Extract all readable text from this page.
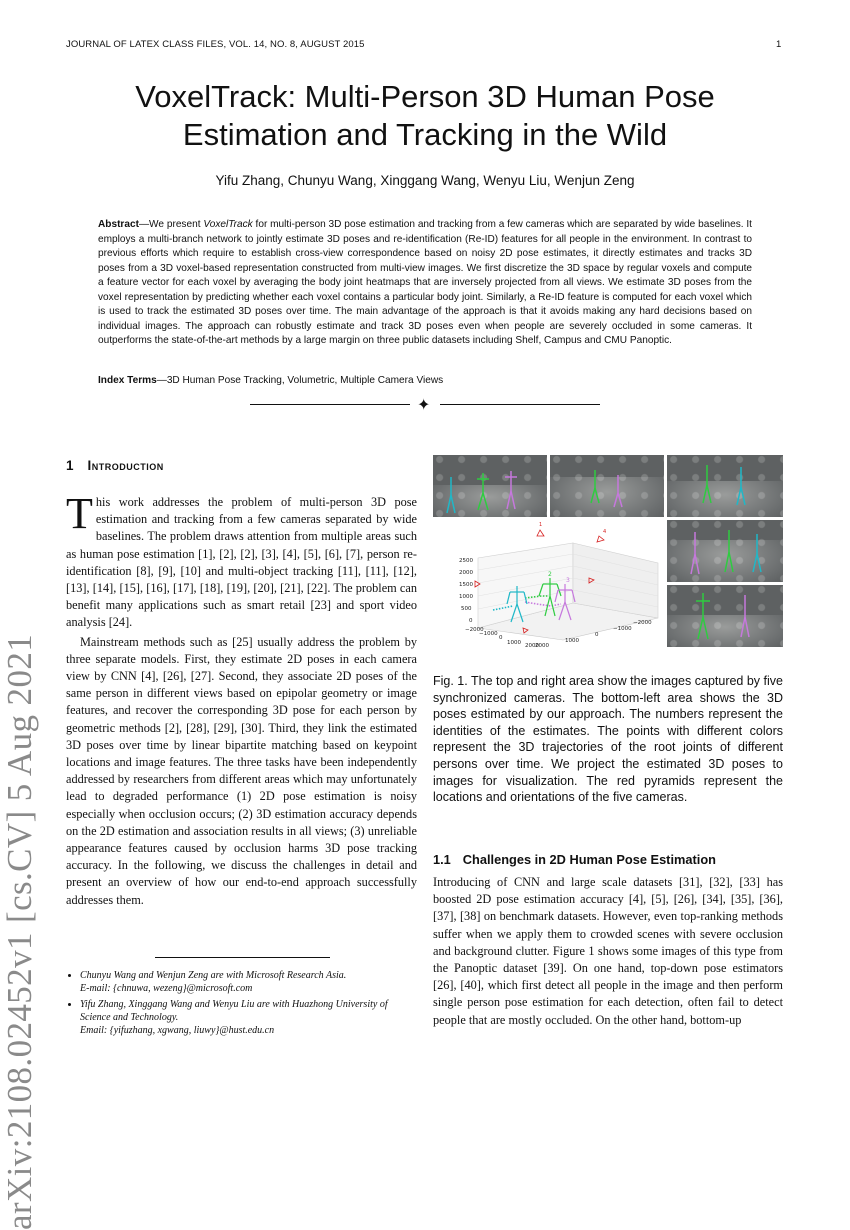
JOURNAL OF LATEX CLASS FILES, VOL. 14, NO. 8, AUGUST 2015	1
arXiv:2108.02452v1 [cs.CV] 5 Aug 2021
VoxelTrack: Multi-Person 3D Human Pose
Estimation and Tracking in the Wild
Yifu Zhang, Chunyu Wang, Xinggang Wang, Wenyu Liu, Wenjun Zeng
Abstract—We present VoxelTrack for multi-person 3D pose estimation and tracking from a few cameras which are separated by wide baselines. It employs a multi-branch network to jointly estimate 3D poses and re-identification (Re-ID) features for all people in the environment. In contrast to previous efforts which require to establish cross-view correspondence based on noisy 2D pose estimates, it directly estimates and tracks 3D poses from a 3D voxel-based representation constructed from multi-view images. We first discretize the 3D space by regular voxels and compute a feature vector for each voxel by averaging the body joint heatmaps that are inversely projected from all views. We estimate 3D poses from the voxel representation by predicting whether each voxel contains a particular body joint. Similarly, a Re-ID feature is computed for each voxel which is used to track the estimated 3D poses over time. The main advantage of the approach is that it avoids making any hard decisions based on individual images. The approach can robustly estimate and track 3D poses even when people are severely occluded in some cameras. It outperforms the state-of-the-art methods by a large margin on three public datasets including Shelf, Campus and CMU Panoptic.
Index Terms—3D Human Pose Tracking, Volumetric, Multiple Camera Views
✦
1 Introduction

This work addresses the problem of multi-person 3D pose estimation and tracking from a few cameras separated by wide baselines. The problem draws attention from multiple areas such as human pose estimation [1], [2], [2], [3], [4], [5], [6], [7], person re-identification [8], [9], [10] and multi-object tracking [11], [11], [12], [13], [14], [15], [16], [17], [18], [19], [20], [21], [22]. The problem can benefit many applications such as smart retail [23] and sport video analysis [24].

Mainstream methods such as [25] usually address the problem by three separate models. First, they estimate 2D poses in each camera view by CNN [4], [26], [27]. Second, they associate 2D poses of the same person in different views based on epipolar geometry or image features, and recover the corresponding 3D pose for each person by geometric methods [2], [28], [29], [30]. Third, they link the estimated 3D poses over time by linear bipartite matching based on keypoint locations and image features. The three tasks have been independently addressed by researchers from different areas which may unfortunately lead to degraded performance (1) 2D pose estimation is noisy especially when occlusion occurs; (2) 3D estimation accuracy depends on the 2D estimation and association results in all views; (3) unreliable appearance features caused by occlusion harms 3D pose tracking accuracy. In the following, we discuss the challenges in detail and present an overview of how our end-to-end approach successfully addresses them.

• Chunyu Wang and Wenjun Zeng are with Microsoft Research Asia.
E-mail: {chnuwa, wezeng}@microsoft.com
• Yifu Zhang, Xinggang Wang and Wenyu Liu are with Huazhong University of Science and Technology.
Email: {yifuzhang, xgwang, liuwy}@hust.edu.cn
2500
2000
1500
1000
500
0
−2000
−1000
0
1000 2000
2000
1000
0
−1000
−2000
1
4
2
3
Fig. 1. The top and right area show the images captured by five synchronized cameras. The bottom-left area shows the 3D poses estimated by our approach. The numbers represent the identities of the estimates. The points with different colors represent the 3D trajectories of the root joints of different persons over time. We project the estimated 3D poses to images for visualization. The red pyramids represent the locations and orientations of the five cameras.
1.1 Challenges in 2D Human Pose Estimation
Introducing of CNN and large scale datasets [31], [32], [33] has boosted 2D pose estimation accuracy [4], [5], [26], [34], [35], [36], [37], [38] on benchmark datasets. However, even top-ranking methods suffer when we apply them to crowded scenes with severe occlusion and background clutter. Figure 1 shows some images of this type from the Panoptic dataset [39]. On one hand, top-down pose estimators [26], [40], which first detect all people in the image and then perform single person pose estimation for each detection, often fail to detect people that are mostly occluded. On the other hand, bottom-up
